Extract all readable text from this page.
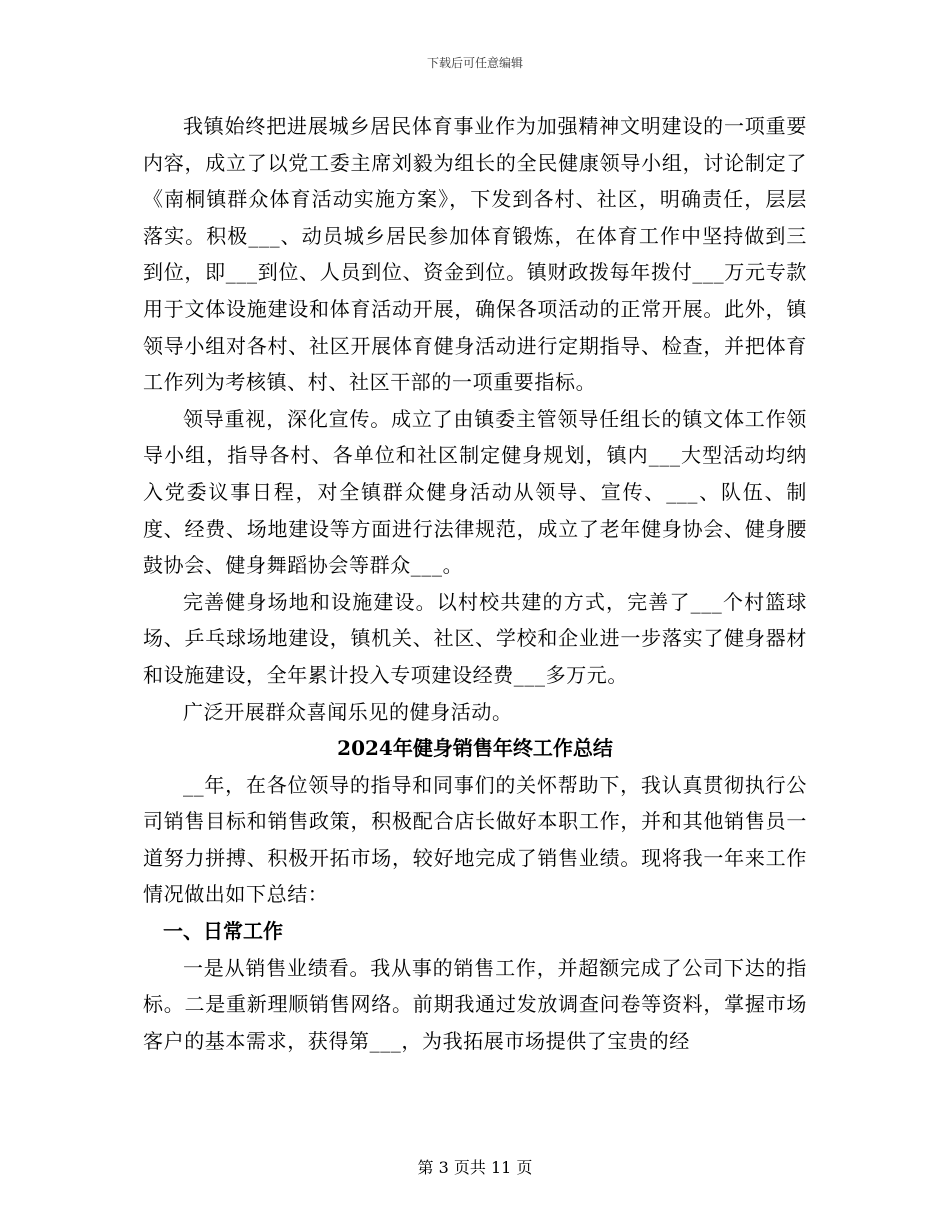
下载后可任意编辑

我镇始终把进展城乡居民体育事业作为加强精神文明建设的一项重要内容，成立了以党工委主席刘毅为组长的全民健康领导小组，讨论制定了《南桐镇群众体育活动实施方案》，下发到各村、社区，明确责任，层层落实。积极___、动员城乡居民参加体育锻炼，在体育工作中坚持做到三到位，即___到位、人员到位、资金到位。镇财政拨每年拨付___万元专款用于文体设施建设和体育活动开展，确保各项活动的正常开展。此外，镇领导小组对各村、社区开展体育健身活动进行定期指导、检查，并把体育工作列为考核镇、村、社区干部的一项重要指标。

领导重视，深化宣传。成立了由镇委主管领导任组长的镇文体工作领导小组，指导各村、各单位和社区制定健身规划，镇内___大型活动均纳入党委议事日程，对全镇群众健身活动从领导、宣传、___、队伍、制度、经费、场地建设等方面进行法律规范，成立了老年健身协会、健身腰鼓协会、健身舞蹈协会等群众___。

完善健身场地和设施建设。以村校共建的方式，完善了___个村篮球场、乒乓球场地建设，镇机关、社区、学校和企业进一步落实了健身器材和设施建设，全年累计投入专项建设经费___多万元。

广泛开展群众喜闻乐见的健身活动。

2024年健身销售年终工作总结

__年，在各位领导的指导和同事们的关怀帮助下，我认真贯彻执行公司销售目标和销售政策，积极配合店长做好本职工作，并和其他销售员一道努力拼搏、积极开拓市场，较好地完成了销售业绩。现将我一年来工作情况做出如下总结：

一、日常工作

一是从销售业绩看。我从事的销售工作，并超额完成了公司下达的指标。二是重新理顺销售网络。前期我通过发放调查问卷等资料，掌握市场客户的基本需求，获得第___，为我拓展市场提供了宝贵的经

第 3 页共 11 页
